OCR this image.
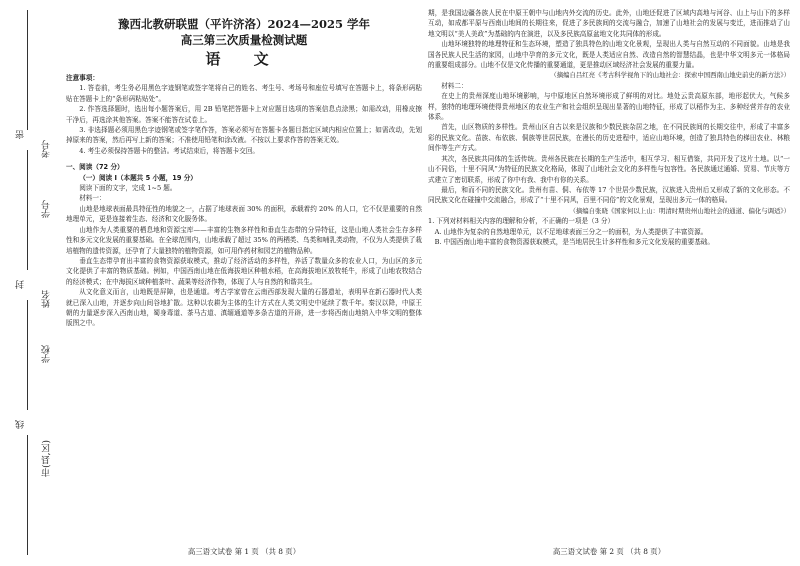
密
考号
学号
封
姓名
学校
线
市(县,区)
豫西北教研联盟（平许济洛）2024—2025 学年
高三第三次质量检测试题
语 文

注意事项：

1. 答卷前，考生务必用黑色字迹钢笔或签字笔将自己的姓名、考生号、考场号和座位号填写在答题卡上，将条形码粘贴在答题卡上的“条形码粘贴处”。

2. 作答选择题时，选出每小题答案后，用 2B 铅笔把答题卡上对应题目选项的答案信息点涂黑；如需改动，用橡皮擦干净后，再选涂其他答案。答案不能答在试卷上。

3. 非选择题必须用黑色字迹钢笔或签字笔作答，答案必须写在答题卡各题目指定区域内相应位置上；如需改动，先划掉原来的答案，然后再写上新的答案；不准使用铅笔和涂改液。不按以上要求作答的答案无效。

4. 考生必须保持答题卡的整洁。考试结束后，将答题卡交回。

一、阅读（72 分）

（一）阅读 I（本题共 5 小题，19 分）

阅读下面的文字，完成 1~5 题。

材料一：

山地是地球表面最具特征性的地貌之一，占据了地球表面 30% 的面积，承载着约 20% 的人口，它不仅是重要的自然地理单元，更是连接着生态、经济和文化服务体。

山地作为人类重要的栖息地和资源宝库——丰富的生物多样性和垂直生态带的分异特征，这是山地人类社会生存多样性和多元文化发展的重要基础。在全球范围内，山地承载了超过 35% 的两栖类、鸟类和哺乳类动物，不仅为人类提供了栽培植物的遗传资源，还孕育了大量独特的植物资源，如可用作药材和园艺的植物品种。

垂直生态带孕育出丰富的食物资源获取模式，推动了经济活动的多样性，养活了数量众多的农业人口，为山区的多元文化提供了丰富的物质基础。例如，中国西南山地在低海拔地区种植水稻，在高海拔地区放牧牦牛，形成了山地农牧结合的经济模式；在中海拔区域种植茶叶、蔬果等经济作物，体现了人与自然的和谐共生。

从文化意义而言，山地既是屏障，也是通道。考古学家曾在云南西部发现大量的石器遗址，表明早在新石器时代人类就已深入山地，并逐步向山间谷地扩散。这种以农耕为主体的生计方式在人类文明史中延续了数千年。秦汉以降，中原王朝的力量逐步深入西南山地，蜀身毒道、茶马古道、滇缅通道等多条古道的开辟，进一步将西南山地纳入中华文明的整体版图之中。

期，是我国边疆各族人民在中原王朝中与山地内外交流的历史。此外，山地还促进了区域内高地与河谷、山上与山下的多样互动，如成都平原与西南山地间的长期往来，促进了多民族间的交流与融合，加速了山地社会的发展与变迁，进而推动了山地文明以“美人美政”为基础的内在演进，以及多民族高原盆地文化共同体的形成。

山地环境独特的地理特征和生态环境，塑造了独具特色的山地文化景观，呈现出人类与自然互动的不同面貌。山地是我国各民族人民生活的家园，山地中孕育的多元文化，既是人类适应自然、改造自然的智慧结晶，也是中华文明多元一体格局的重要组成部分。山地不仅是文化传播的重要通道，更是推动区域经济社会发展的重要力量。

（摘编自吕红亮《考古科学视角下的山地社会：探索中国西南山地史前史的新方法》）

材料二：

在史上的贵州深度山地环境影响，与中原地区自然环境形成了鲜明的对比。地处云贵高原东部，地形起伏大，气候多样，独特的地理环境使得贵州地区的农业生产和社会组织呈现出显著的山地特征，形成了以稻作为主、多种经营并存的农业体系。

首先，山区物质的多样性。贵州山区自古以来是汉族和少数民族杂居之地，在不同民族间的长期交往中，形成了丰富多彩的民族文化。苗族、布依族、侗族等世居民族，在漫长的历史进程中，适应山地环境，创造了独具特色的梯田农业、林粮间作等生产方式。

其次，各民族共同体的生活传统。贵州各民族在长期的生产生活中，相互学习、相互借鉴，共同开发了这片土地。以“一山不同俗，十里不同风”为特征的民族文化格局，体现了山地社会文化的多样性与包容性。各民族通过通婚、贸易、节庆等方式建立了密切联系，形成了你中有我、我中有你的关系。

最后，和而不同的民族文化。贵州有苗、侗、布依等 17 个世居少数民族，汉族进入贵州后又形成了新的文化形态。不同民族文化在碰撞中交流融合，形成了“十里不同风，百里不同俗”的文化景观，呈现出多元一体的格局。

（摘编自张晓《国家何以上山：明清时期贵州山地社会的通道、偏化与调适》）

1. 下列对材料相关内容的理解和分析，不正确的一项是（3 分）

A. 山地作为复杂的自然地理单元，以不足地球表面三分之一的面积，为人类提供了丰富资源。

B. 中国西南山地丰富的食物资源获取模式，是当地居民生计多样性和多元文化发展的重要基础。

高三语文试卷 第 1 页 （共 8 页）	高三语文试卷 第 2 页 （共 8 页）
